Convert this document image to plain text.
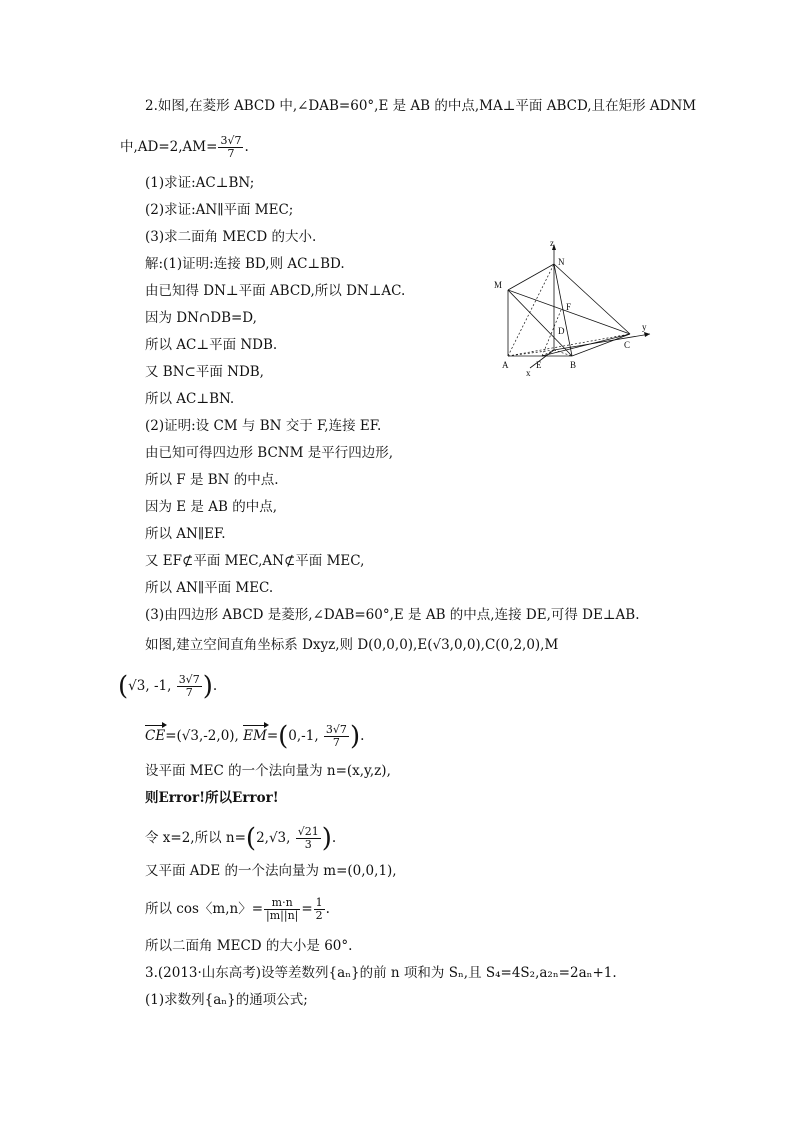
2.如图,在菱形 ABCD 中,∠DAB=60°,E 是 AB 的中点,MA⊥平面 ABCD,且在矩形 ADNM
中$,AD=2,AM= \frac{3√7}{7}$ .
(1)求证:AC⊥BN;
(2)求证:AN∥平面 MEC;
(3)求二面角 MECD 的大小.
解:(1)证明:连接 BD,则 AC⊥BD.
由已知得 DN⊥平面 ABCD,所以 DN⊥AC.
因为 DN∩DB=D,
所以 AC⊥平面 NDB.
又 BN⊂平面 NDB,
所以 AC⊥BN.
(2)证明:设 CM 与 BN 交于 F,连接 EF.
由已知可得四边形 BCNM 是平行四边形,
所以 F 是 BN 的中点.
因为 E 是 AB 的中点,
所以 AN∥EF.
又 EF⊄平面 MEC,AN⊄平面 MEC,
所以 AN∥平面 MEC.
(3)由四边形 ABCD 是菱形,∠DAB=60°,E 是 AB 的中点,连接 DE,可得 DE⊥AB.
如图,建立空间直角坐标系 Dxyz,则 D(0,0,0),E(√3,0,0),C(0,2,0),M
(√3, -1, $\frac{3√7}{7}$ ).
CE=(√3,-2,0), EM=(0,-1, $\frac{3√7}{7}$ ).
设平面 MEC 的一个法向量为 n=(x,y,z),
则Error!所以Error!
令 x=2,所以 n=(2,√3, $\frac{√21}{3}$ ).
又平面 ADE 的一个法向量为 m=(0,0,1),
所以 cos〈m,n〉= $\frac{m\cdot n}{|m||n|} = \frac{1}{2}$ .
所以二面角 MECD 的大小是 60°.
3.(2013·山东高考)设等差数列{aₙ}的前 n 项和为 Sₙ,且 S₄=4S₂,a₂ₙ=2aₙ+1.
(1)求数列{aₙ}的通项公式;
z
N
M
F
D	y
C
A	E	B
x
